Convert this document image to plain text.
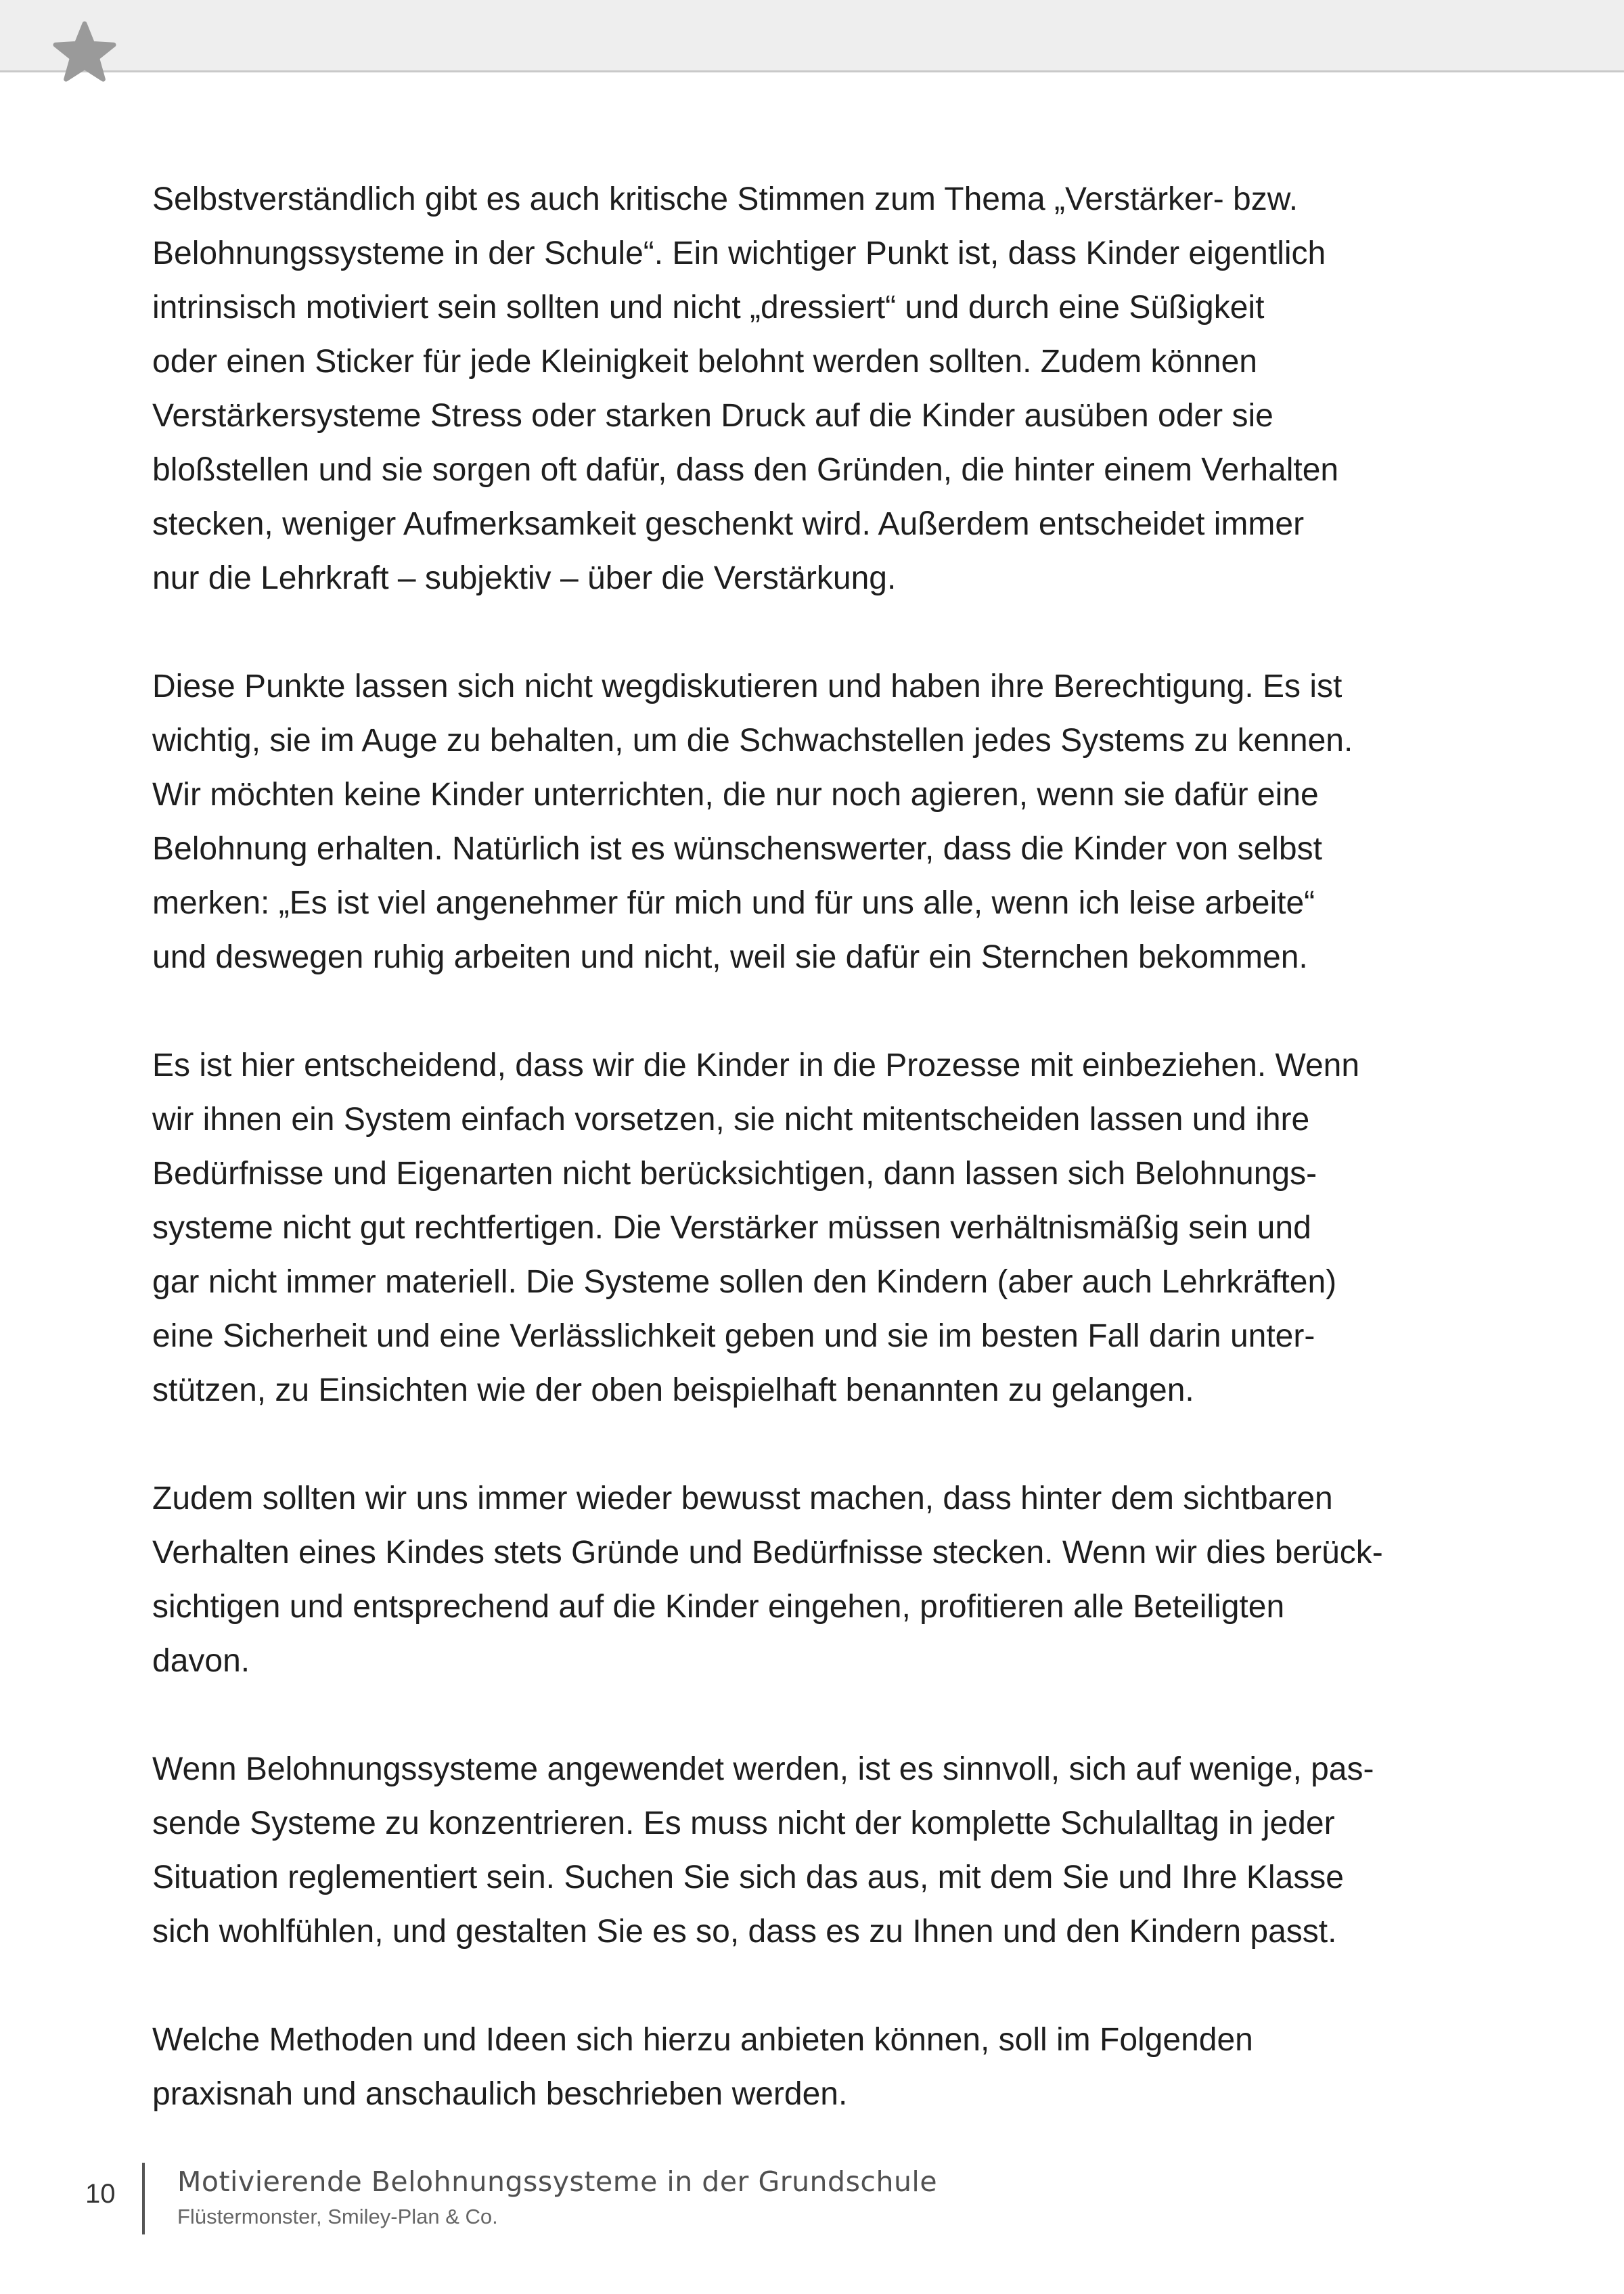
Selbstverständlich gibt es auch kritische Stimmen zum Thema „Verstärker- bzw.
Belohnungssysteme in der Schule“. Ein wichtiger Punkt ist, dass Kinder eigentlich
intrinsisch motiviert sein sollten und nicht „dressiert“ und durch eine Süßigkeit
oder einen Sticker für jede Kleinigkeit belohnt werden sollten. Zudem können
Verstärkersysteme Stress oder starken Druck auf die Kinder ausüben oder sie
bloßstellen und sie sorgen oft dafür, dass den Gründen, die hinter einem Verhalten
stecken, weniger Aufmerksamkeit geschenkt wird. Außerdem entscheidet immer
nur die Lehrkraft – subjektiv – über die Verstärkung.

Diese Punkte lassen sich nicht wegdiskutieren und haben ihre Berechtigung. Es ist
wichtig, sie im Auge zu behalten, um die Schwachstellen jedes Systems zu kennen.
Wir möchten keine Kinder unterrichten, die nur noch agieren, wenn sie dafür eine
Belohnung erhalten. Natürlich ist es wünschenswerter, dass die Kinder von selbst
merken: „Es ist viel angenehmer für mich und für uns alle, wenn ich leise arbeite“
und deswegen ruhig arbeiten und nicht, weil sie dafür ein Sternchen bekommen.

Es ist hier entscheidend, dass wir die Kinder in die Prozesse mit einbeziehen. Wenn
wir ihnen ein System einfach vorsetzen, sie nicht mitentscheiden lassen und ihre
Bedürfnisse und Eigenarten nicht berücksichtigen, dann lassen sich Belohnungs-
systeme nicht gut rechtfertigen. Die Verstärker müssen verhältnismäßig sein und
gar nicht immer materiell. Die Systeme sollen den Kindern (aber auch Lehrkräften)
eine Sicherheit und eine Verlässlichkeit geben und sie im besten Fall darin unter-
stützen, zu Einsichten wie der oben beispielhaft benannten zu gelangen.

Zudem sollten wir uns immer wieder bewusst machen, dass hinter dem sichtbaren
Verhalten eines Kindes stets Gründe und Bedürfnisse stecken. Wenn wir dies berück-
sichtigen und entsprechend auf die Kinder eingehen, profitieren alle Beteiligten
davon.

Wenn Belohnungssysteme angewendet werden, ist es sinnvoll, sich auf wenige, pas-
sende Systeme zu konzentrieren. Es muss nicht der komplette Schulalltag in jeder
Situation reglementiert sein. Suchen Sie sich das aus, mit dem Sie und Ihre Klasse
sich wohlfühlen, und gestalten Sie es so, dass es zu Ihnen und den Kindern passt.

Welche Methoden und Ideen sich hierzu anbieten können, soll im Folgenden
praxisnah und anschaulich beschrieben werden.

10 Motivierende Belohnungssysteme in der Grundschule
Flüstermonster, Smiley-Plan & Co.
